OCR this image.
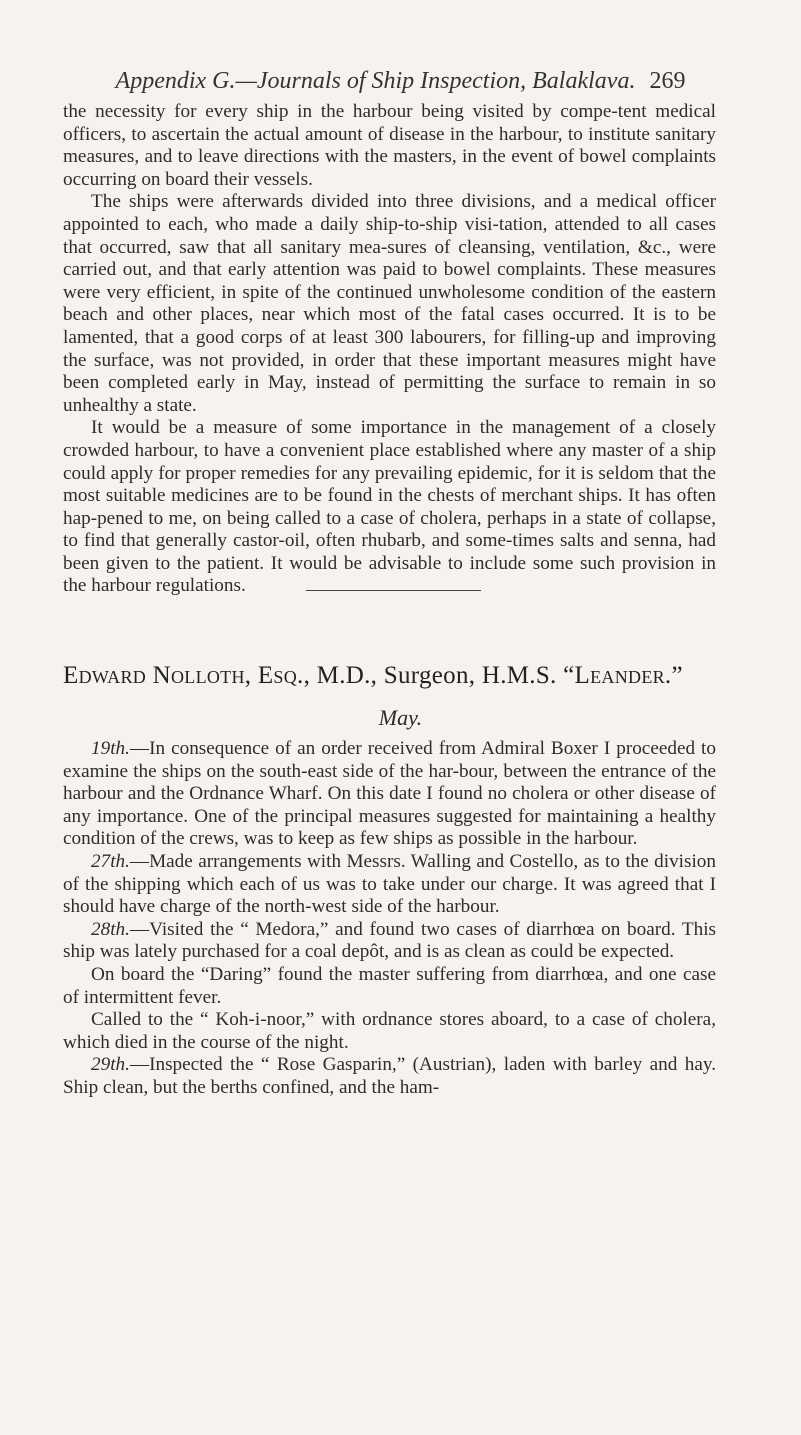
Appendix G.—Journals of Ship Inspection, Balaklava. 269

the necessity for every ship in the harbour being visited by compe-tent medical officers, to ascertain the actual amount of disease in the harbour, to institute sanitary measures, and to leave directions with the masters, in the event of bowel complaints occurring on board their vessels.

The ships were afterwards divided into three divisions, and a medical officer appointed to each, who made a daily ship-to-ship visi-tation, attended to all cases that occurred, saw that all sanitary mea-sures of cleansing, ventilation, &c., were carried out, and that early attention was paid to bowel complaints. These measures were very efficient, in spite of the continued unwholesome condition of the eastern beach and other places, near which most of the fatal cases occurred. It is to be lamented, that a good corps of at least 300 labourers, for filling-up and improving the surface, was not provided, in order that these important measures might have been completed early in May, instead of permitting the surface to remain in so unhealthy a state.

It would be a measure of some importance in the management of a closely crowded harbour, to have a convenient place established where any master of a ship could apply for proper remedies for any prevailing epidemic, for it is seldom that the most suitable medicines are to be found in the chests of merchant ships. It has often hap-pened to me, on being called to a case of cholera, perhaps in a state of collapse, to find that generally castor-oil, often rhubarb, and some-times salts and senna, had been given to the patient. It would be advisable to include some such provision in the harbour regulations.

Edward Nolloth, Esq., M.D., Surgeon, H.M.S. “Leander.”
May.

19th.—In consequence of an order received from Admiral Boxer I proceeded to examine the ships on the south-east side of the har-bour, between the entrance of the harbour and the Ordnance Wharf. On this date I found no cholera or other disease of any importance. One of the principal measures suggested for maintaining a healthy condition of the crews, was to keep as few ships as possible in the harbour.

27th.—Made arrangements with Messrs. Walling and Costello, as to the division of the shipping which each of us was to take under our charge. It was agreed that I should have charge of the north-west side of the harbour.

28th.—Visited the “ Medora,” and found two cases of diarrhœa on board. This ship was lately purchased for a coal depôt, and is as clean as could be expected.

On board the “Daring” found the master suffering from diarrhœa, and one case of intermittent fever.

Called to the “ Koh-i-noor,” with ordnance stores aboard, to a case of cholera, which died in the course of the night.

29th.—Inspected the “ Rose Gasparin,” (Austrian), laden with barley and hay. Ship clean, but the berths confined, and the ham-
